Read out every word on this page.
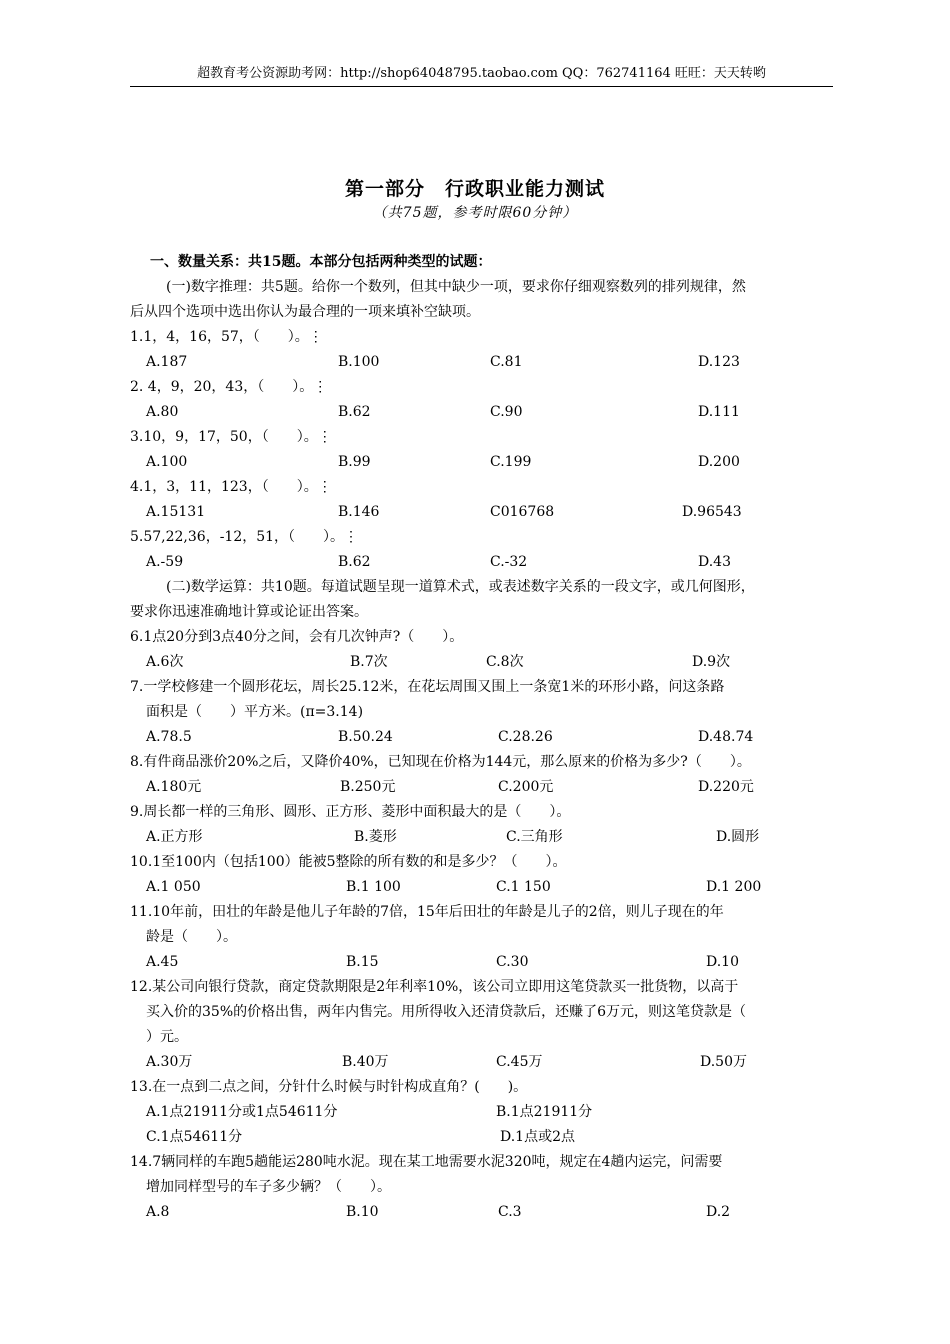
超教育考公资源助考网：http://shop64048795.taobao.com QQ：762741164 旺旺：天天转哟
第一部分　行政职业能力测试
（共75题，参考时限60分钟）
一、数量关系：共15题。本部分包括两种类型的试题：
(一)数字推理：共5题。给你一个数列，但其中缺少一项，要求你仔细观察数列的排列规律，然
后从四个选项中选出你认为最合理的一项来填补空缺项。
1.1，4，16，57，（　　）。⋮
A.187	B.100	C.81	D.123
2. 4，9，20，43，（　　）。⋮
A.80	B.62	C.90	D.111
3.10，9，17，50，（　　）。⋮
A.100	B.99	C.199	D.200
4.1，3，11，123，（　　）。⋮
A.15131	B.146	C016768	D.96543
5.57,22,36，-12，51，（　　）。⋮
A.-59	B.62	C.-32	D.43
(二)数学运算：共10题。每道试题呈现一道算术式，或表述数字关系的一段文字，或几何图形，
要求你迅速准确地计算或论证出答案。
6.1点20分到3点40分之间，会有几次钟声?（　　）。
A.6次	B.7次	C.8次	D.9次
7.一学校修建一个圆形花坛，周长25.12米，在花坛周围又围上一条宽1米的环形小路，问这条路
面积是（　　）平方米。(π=3.14)
A.78.5	B.50.24	C.28.26	D.48.74
8.有件商品涨价20%之后，又降价40%，已知现在价格为144元，那么原来的价格为多少?（　　）。
A.180元	B.250元	C.200元	D.220元
9.周长都一样的三角形、圆形、正方形、菱形中面积最大的是（　　）。
A.正方形	B.菱形	C.三角形	D.圆形
10.1至100内（包括100）能被5整除的所有数的和是多少？（　　）。
A.1 050	B.1 100	C.1 150	D.1 200
11.10年前，田壮的年龄是他儿子年龄的7倍，15年后田壮的年龄是儿子的2倍，则儿子现在的年
龄是（　　）。
A.45	B.15	C.30	D.10
12.某公司向银行贷款，商定贷款期限是2年利率10%，该公司立即用这笔贷款买一批货物，以高于
买入价的35%的价格出售，两年内售完。用所得收入还清贷款后，还赚了6万元，则这笔贷款是（
）元。
A.30万	B.40万	C.45万	D.50万
13.在一点到二点之间，分针什么时候与时针构成直角？(　　)。
A.1点21911分或1点54611分	B.1点21911分
C.1点54611分	D.1点或2点
14.7辆同样的车跑5趟能运280吨水泥。现在某工地需要水泥320吨，规定在4趟内运完，问需要
增加同样型号的车子多少辆？（　　）。
A.8	B.10	C.3	D.2
